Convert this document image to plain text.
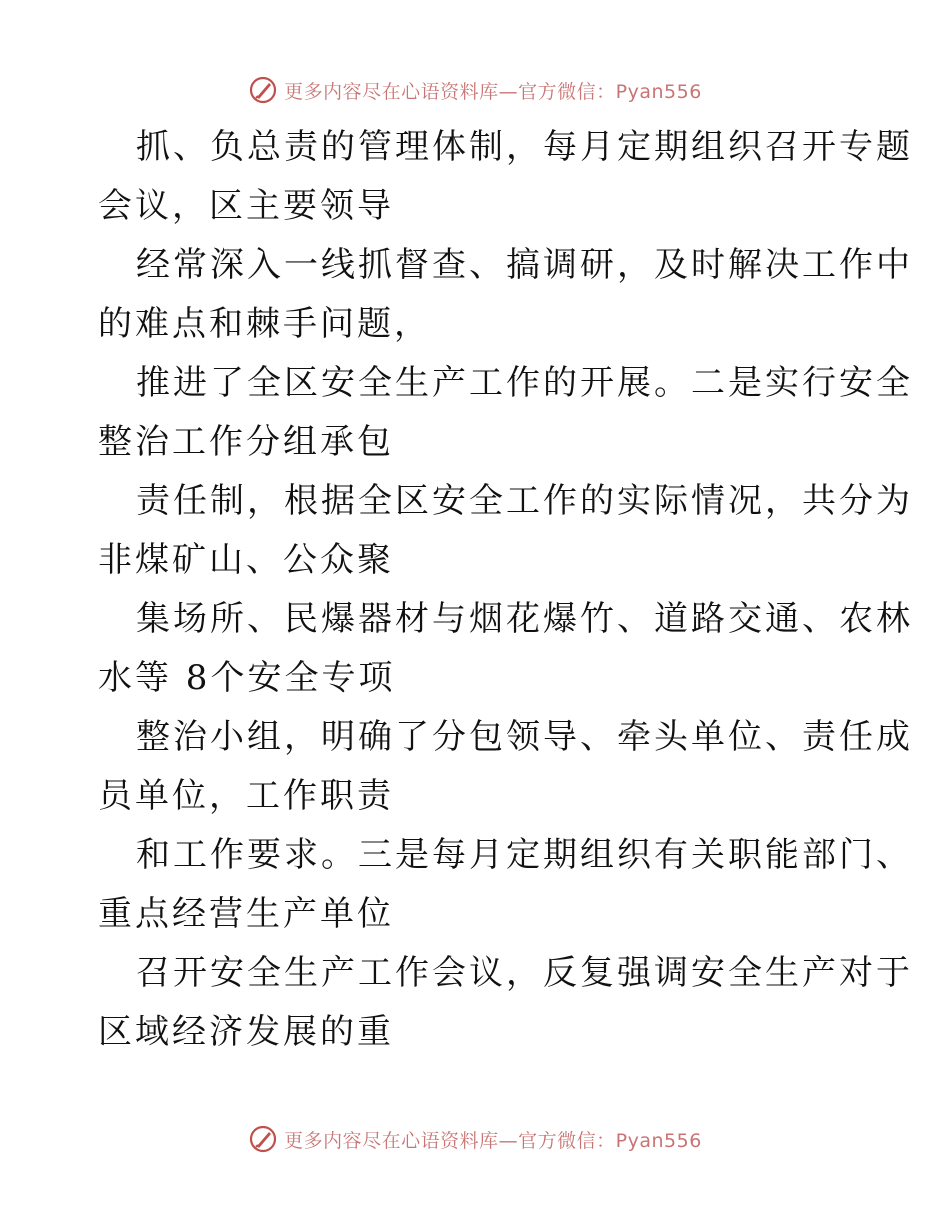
更多内容尽在心语资料库—官方微信：Pyan556

抓、负总责的管理体制，每月定期组织召开专题
会议，区主要领导

经常深入一线抓督查、搞调研，及时解决工作中
的难点和棘手问题，

推进了全区安全生产工作的开展。二是实行安全
整治工作分组承包

责任制，根据全区安全工作的实际情况，共分为
非煤矿山、公众聚

集场所、民爆器材与烟花爆竹、道路交通、农林
水等 8个安全专项

整治小组，明确了分包领导、牵头单位、责任成
员单位，工作职责

和工作要求。三是每月定期组织有关职能部门、
重点经营生产单位

召开安全生产工作会议，反复强调安全生产对于
区域经济发展的重

更多内容尽在心语资料库—官方微信：Pyan556
